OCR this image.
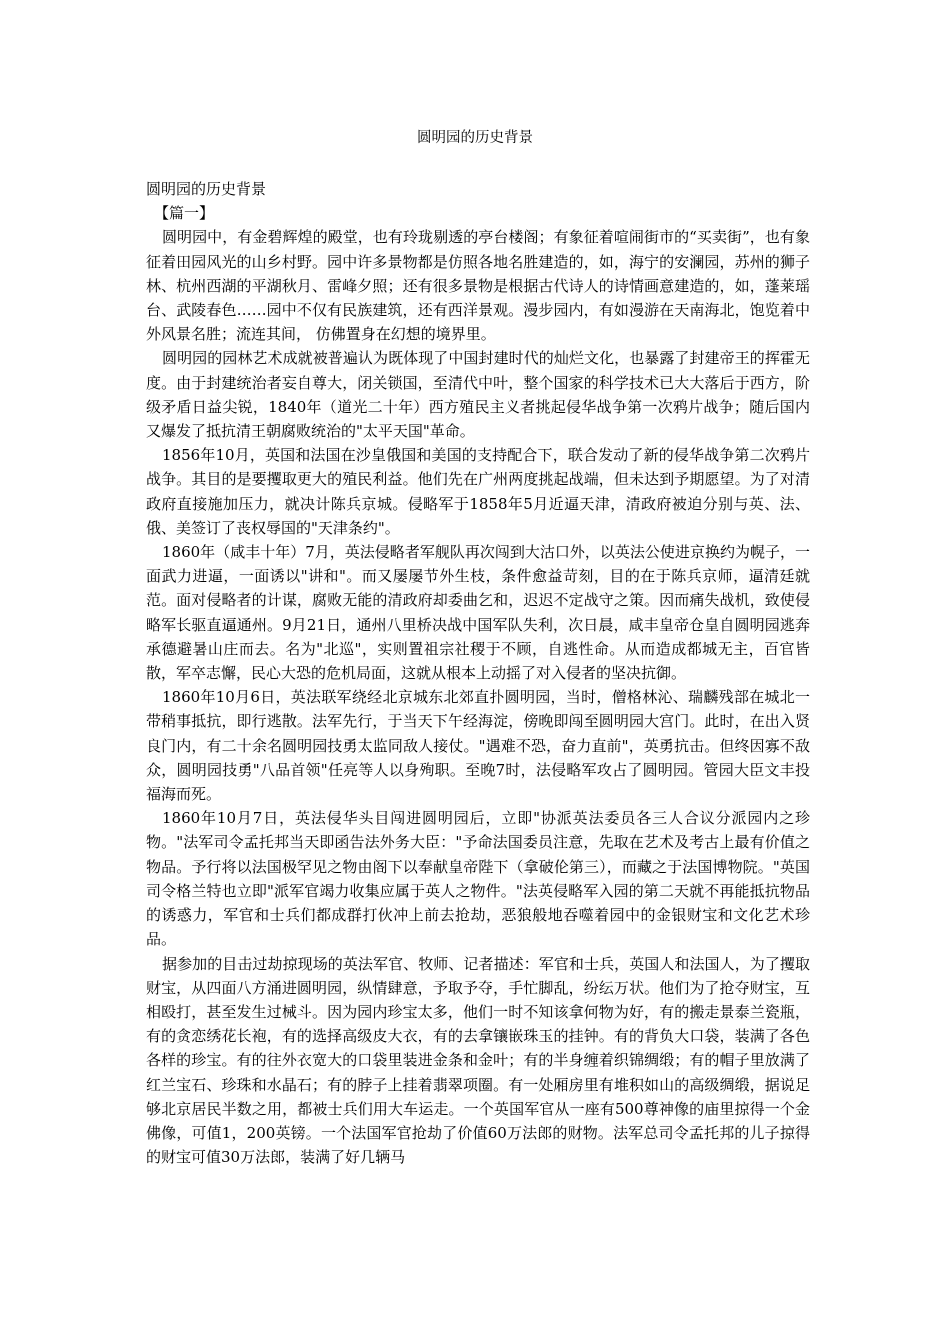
圆明园的历史背景

圆明园的历史背景

【篇一】

圆明园中，有金碧辉煌的殿堂，也有玲珑剔透的亭台楼阁；有象征着喧闹街市的“买卖街”，也有象征着田园风光的山乡村野。园中许多景物都是仿照各地名胜建造的，如，海宁的安澜园，苏州的狮子林、杭州西湖的平湖秋月、雷峰夕照；还有很多景物是根据古代诗人的诗情画意建造的，如，蓬莱瑶台、武陵春色……园中不仅有民族建筑，还有西洋景观。漫步园内，有如漫游在天南海北，饱览着中外风景名胜；流连其间， 仿佛置身在幻想的境界里。

圆明园的园林艺术成就被普遍认为既体现了中国封建时代的灿烂文化，也暴露了封建帝王的挥霍无度。由于封建统治者妄自尊大，闭关锁国，至清代中叶，整个国家的科学技术已大大落后于西方，阶级矛盾日益尖锐，1840年（道光二十年）西方殖民主义者挑起侵华战争第一次鸦片战争；随后国内又爆发了抵抗清王朝腐败统治的"太平天国"革命。

1856年10月，英国和法国在沙皇俄国和美国的支持配合下，联合发动了新的侵华战争第二次鸦片战争。其目的是要攫取更大的殖民利益。他们先在广州两度挑起战端，但未达到予期愿望。为了对清政府直接施加压力，就决计陈兵京城。侵略军于1858年5月近逼天津，清政府被迫分别与英、法、俄、美签订了丧权辱国的"天津条约"。

1860年（咸丰十年）7月，英法侵略者军舰队再次闯到大沽口外，以英法公使进京换约为幌子，一面武力进逼，一面诱以"讲和"。而又屡屡节外生枝，条件愈益苛刻，目的在于陈兵京师，逼清廷就范。面对侵略者的计谋，腐败无能的清政府却委曲乞和，迟迟不定战守之策。因而痛失战机，致使侵略军长驱直逼通州。9月21日，通州八里桥决战中国军队失利，次日晨，咸丰皇帝仓皇自圆明园逃奔承德避暑山庄而去。名为"北巡"，实则置祖宗社稷于不顾，自逃性命。从而造成都城无主，百官皆散，军卒志懈，民心大恐的危机局面，这就从根本上动摇了对入侵者的坚决抗御。

1860年10月6日，英法联军绕经北京城东北郊直扑圆明园，当时，僧格林沁、瑞麟残部在城北一带稍事抵抗，即行逃散。法军先行，于当天下午经海淀，傍晚即闯至圆明园大宫门。此时，在出入贤良门内，有二十余名圆明园技勇太监同敌人接仗。"遇难不恐，奋力直前"，英勇抗击。但终因寡不敌众，圆明园技勇"八品首领"任亮等人以身殉职。至晚7时，法侵略军攻占了圆明园。管园大臣文丰投福海而死。

1860年10月7日，英法侵华头目闯进圆明园后，立即"协派英法委员各三人合议分派园内之珍物。"法军司令孟托邦当天即函告法外务大臣："予命法国委员注意，先取在艺术及考古上最有价值之物品。予行将以法国极罕见之物由阁下以奉献皇帝陛下（拿破伦第三），而藏之于法国博物院。"英国司令格兰特也立即"派军官竭力收集应属于英人之物件。"法英侵略军入园的第二天就不再能抵抗物品的诱惑力，军官和士兵们都成群打伙冲上前去抢劫，恶狼般地吞噬着园中的金银财宝和文化艺术珍品。

据参加的目击过劫掠现场的英法军官、牧师、记者描述：军官和士兵，英国人和法国人，为了攫取财宝，从四面八方涌进圆明园，纵情肆意，予取予夺，手忙脚乱，纷纭万状。他们为了抢夺财宝，互相殴打，甚至发生过械斗。因为园内珍宝太多，他们一时不知该拿何物为好，有的搬走景泰兰瓷瓶，有的贪恋绣花长袍，有的选择高级皮大衣，有的去拿镶嵌珠玉的挂钟。有的背负大口袋，装满了各色各样的珍宝。有的往外衣宽大的口袋里装进金条和金叶；有的半身缠着织锦绸缎；有的帽子里放满了红兰宝石、珍珠和水晶石；有的脖子上挂着翡翠项圈。有一处厢房里有堆积如山的高级绸缎，据说足够北京居民半数之用，都被士兵们用大车运走。一个英国军官从一座有500尊神像的庙里掠得一个金佛像，可值1，200英镑。一个法国军官抢劫了价值60万法郎的财物。法军总司令孟托邦的儿子掠得的财宝可值30万法郎，装满了好几辆马
